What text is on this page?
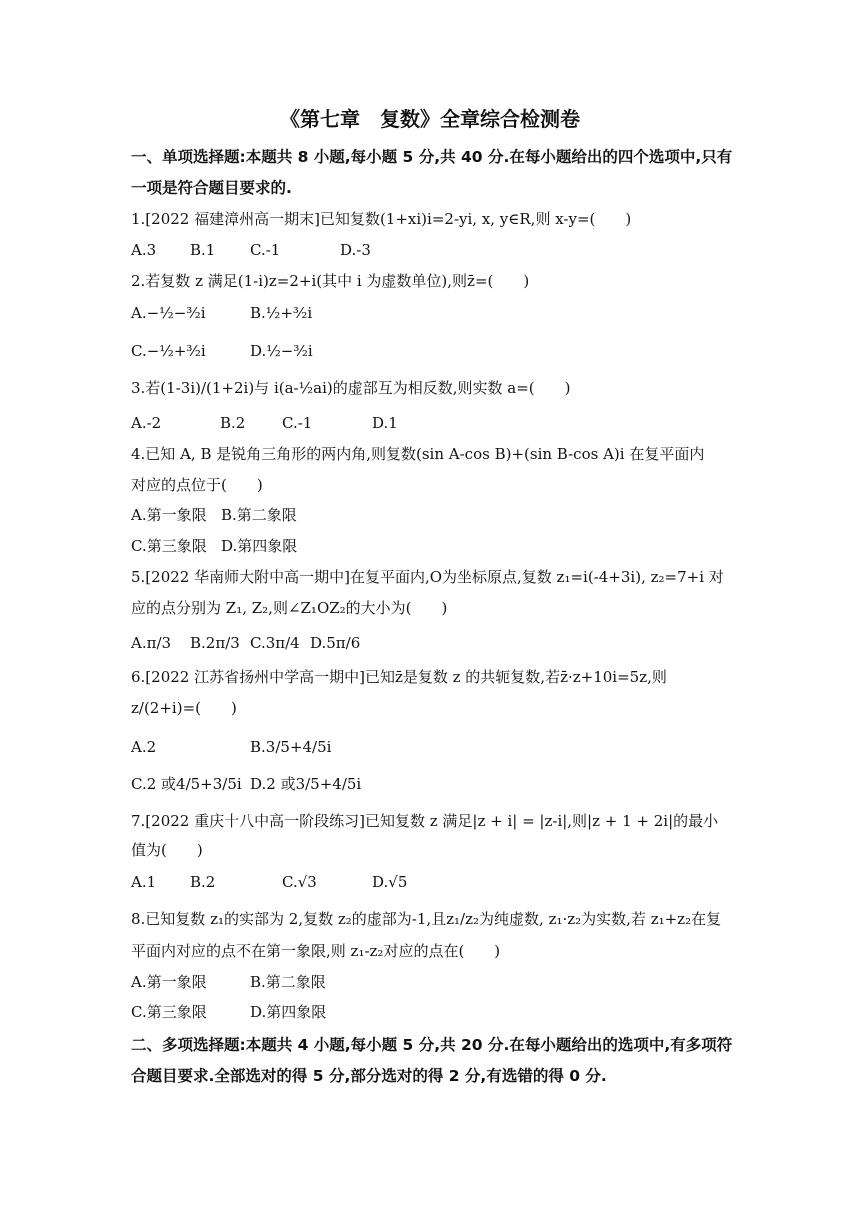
《第七章　复数》全章综合检测卷
一、单项选择题:本题共 8 小题,每小题 5 分,共 40 分.在每小题给出的四个选项中,只有
一项是符合题目要求的.
1.[2022 福建漳州高一期末]已知复数(1+xi)i=2-yi, x, y∈R,则 x-y=(　　)
A.3 B.1 C.-1	D.-3
2.若复数 z 满足(1-i)z=2+i(其中 i 为虚数单位),则z̄=(　　)
A.−½−³⁄₂i	B.½+³⁄₂i
C.−½+³⁄₂i	D.½−³⁄₂i
3.若(1-3i)/(1+2i)与 i(a-½ai)的虚部互为相反数,则实数 a=(　　)
A.-2	B.2 C.-1	D.1
4.已知 A, B 是锐角三角形的两内角,则复数(sin A-cos B)+(sin B-cos A)i 在复平面内
对应的点位于(　　)
A.第一象限 B.第二象限
C.第三象限 D.第四象限
5.[2022 华南师大附中高一期中]在复平面内,O为坐标原点,复数 z₁=i(-4+3i), z₂=7+i 对
应的点分别为 Z₁, Z₂,则∠Z₁OZ₂的大小为(　　)
A.π/3 B.2π/3 C.3π/4 D.5π/6
6.[2022 江苏省扬州中学高一期中]已知z̄是复数 z 的共轭复数,若z̄·z+10i=5z,则
z/(2+i)=(　　)
A.2	B.3/5+4/5i
C.2 或4/5+3/5i D.2 或3/5+4/5i
7.[2022 重庆十八中高一阶段练习]已知复数 z 满足|z + i| = |z-i|,则|z + 1 + 2i|的最小
值为(　　)
A.1 B.2	C.√3	D.√5
8.已知复数 z₁的实部为 2,复数 z₂的虚部为-1,且z₁/z₂为纯虚数, z₁·z₂为实数,若 z₁+z₂在复
平面内对应的点不在第一象限,则 z₁-z₂对应的点在(　　)
A.第一象限	B.第二象限
C.第三象限	D.第四象限
二、多项选择题:本题共 4 小题,每小题 5 分,共 20 分.在每小题给出的选项中,有多项符
合题目要求.全部选对的得 5 分,部分选对的得 2 分,有选错的得 0 分.
